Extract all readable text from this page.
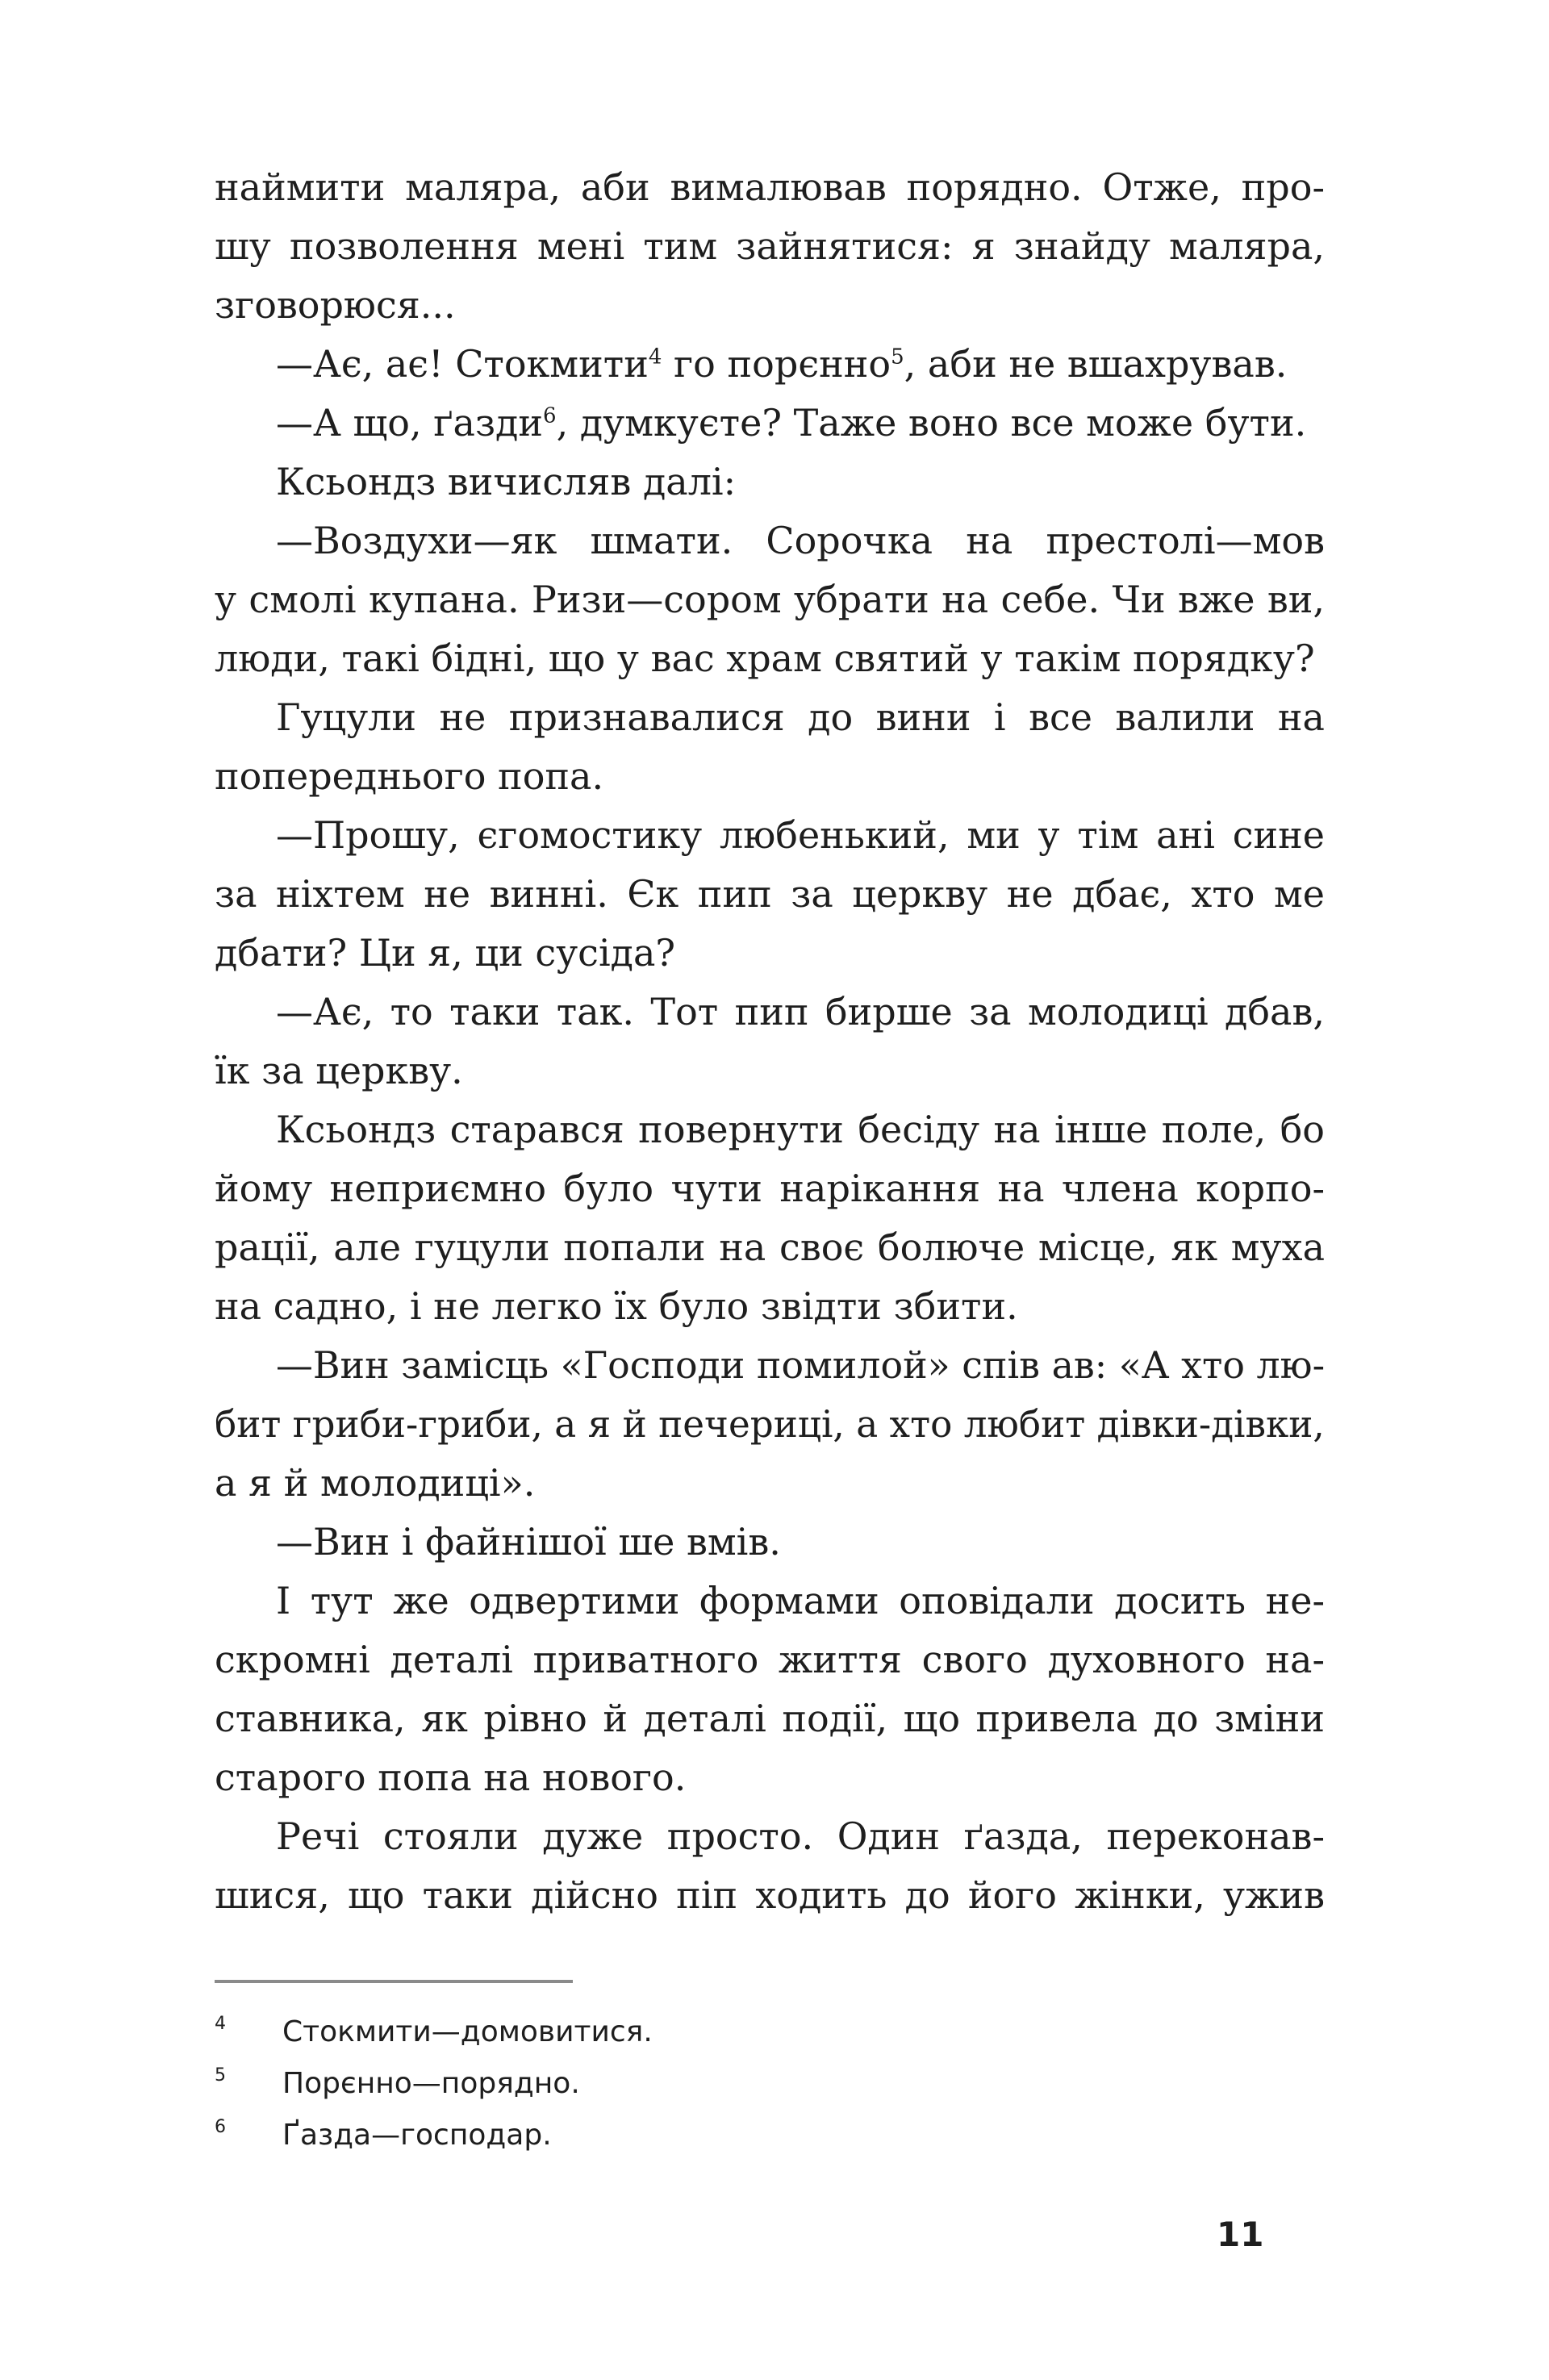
наймити маляра, аби вималював порядно. Отже, про-
шу позволення мені тим зайнятися: я знайду маляра,
зговорюся...
—Ає, ає! Стокмити$^4$ го порєнно$^5$, аби не вшахрував.
—А що, ґазди$^6$, думкуєте? Таже воно все може бути.
Ксьондз вичисляв далі:
—Воздухи—як шмати. Сорочка на престолі—мов
у смолі купана. Ризи—сором убрати на себе. Чи вже ви,
люди, такі бідні, що у вас храм святий у такім порядку?
Гуцули не признавалися до вини і все валили на
попереднього попа.
—Прошу, єгомостику любенький, ми у тім ані сине
за ніхтем не винні. Єк пип за церкву не дбає, хто ме
дбати? Ци я, ци сусіда?
—Ає, то таки так. Тот пип бирше за молодиці дбав,
їк за церкву.
Ксьондз старався повернути бесіду на інше поле, бо
йому неприємно було чути нарікання на члена корпо-
рації, але гуцули попали на своє болюче місце, як муха
на садно, і не легко їх було звідти збити.
—Вин замісць «Господи помилой» спів ав: «А хто лю-
бит гриби-гриби, а я й печериці, а хто любит дівки-дівки,
а я й молодиці».
—Вин і файнішої ше вмів.
І тут же одвертими формами оповідали досить не-
скромні деталі приватного життя свого духовного на-
ставника, як рівно й деталі події, що привела до зміни
старого попа на нового.
Речі стояли дуже просто. Один ґазда, переконав-
шися, що таки дійсно піп ходить до його жінки, ужив
4 Стокмити—домовитися.
5 Порєнно—порядно.
6 Ґазда—господар.
11
